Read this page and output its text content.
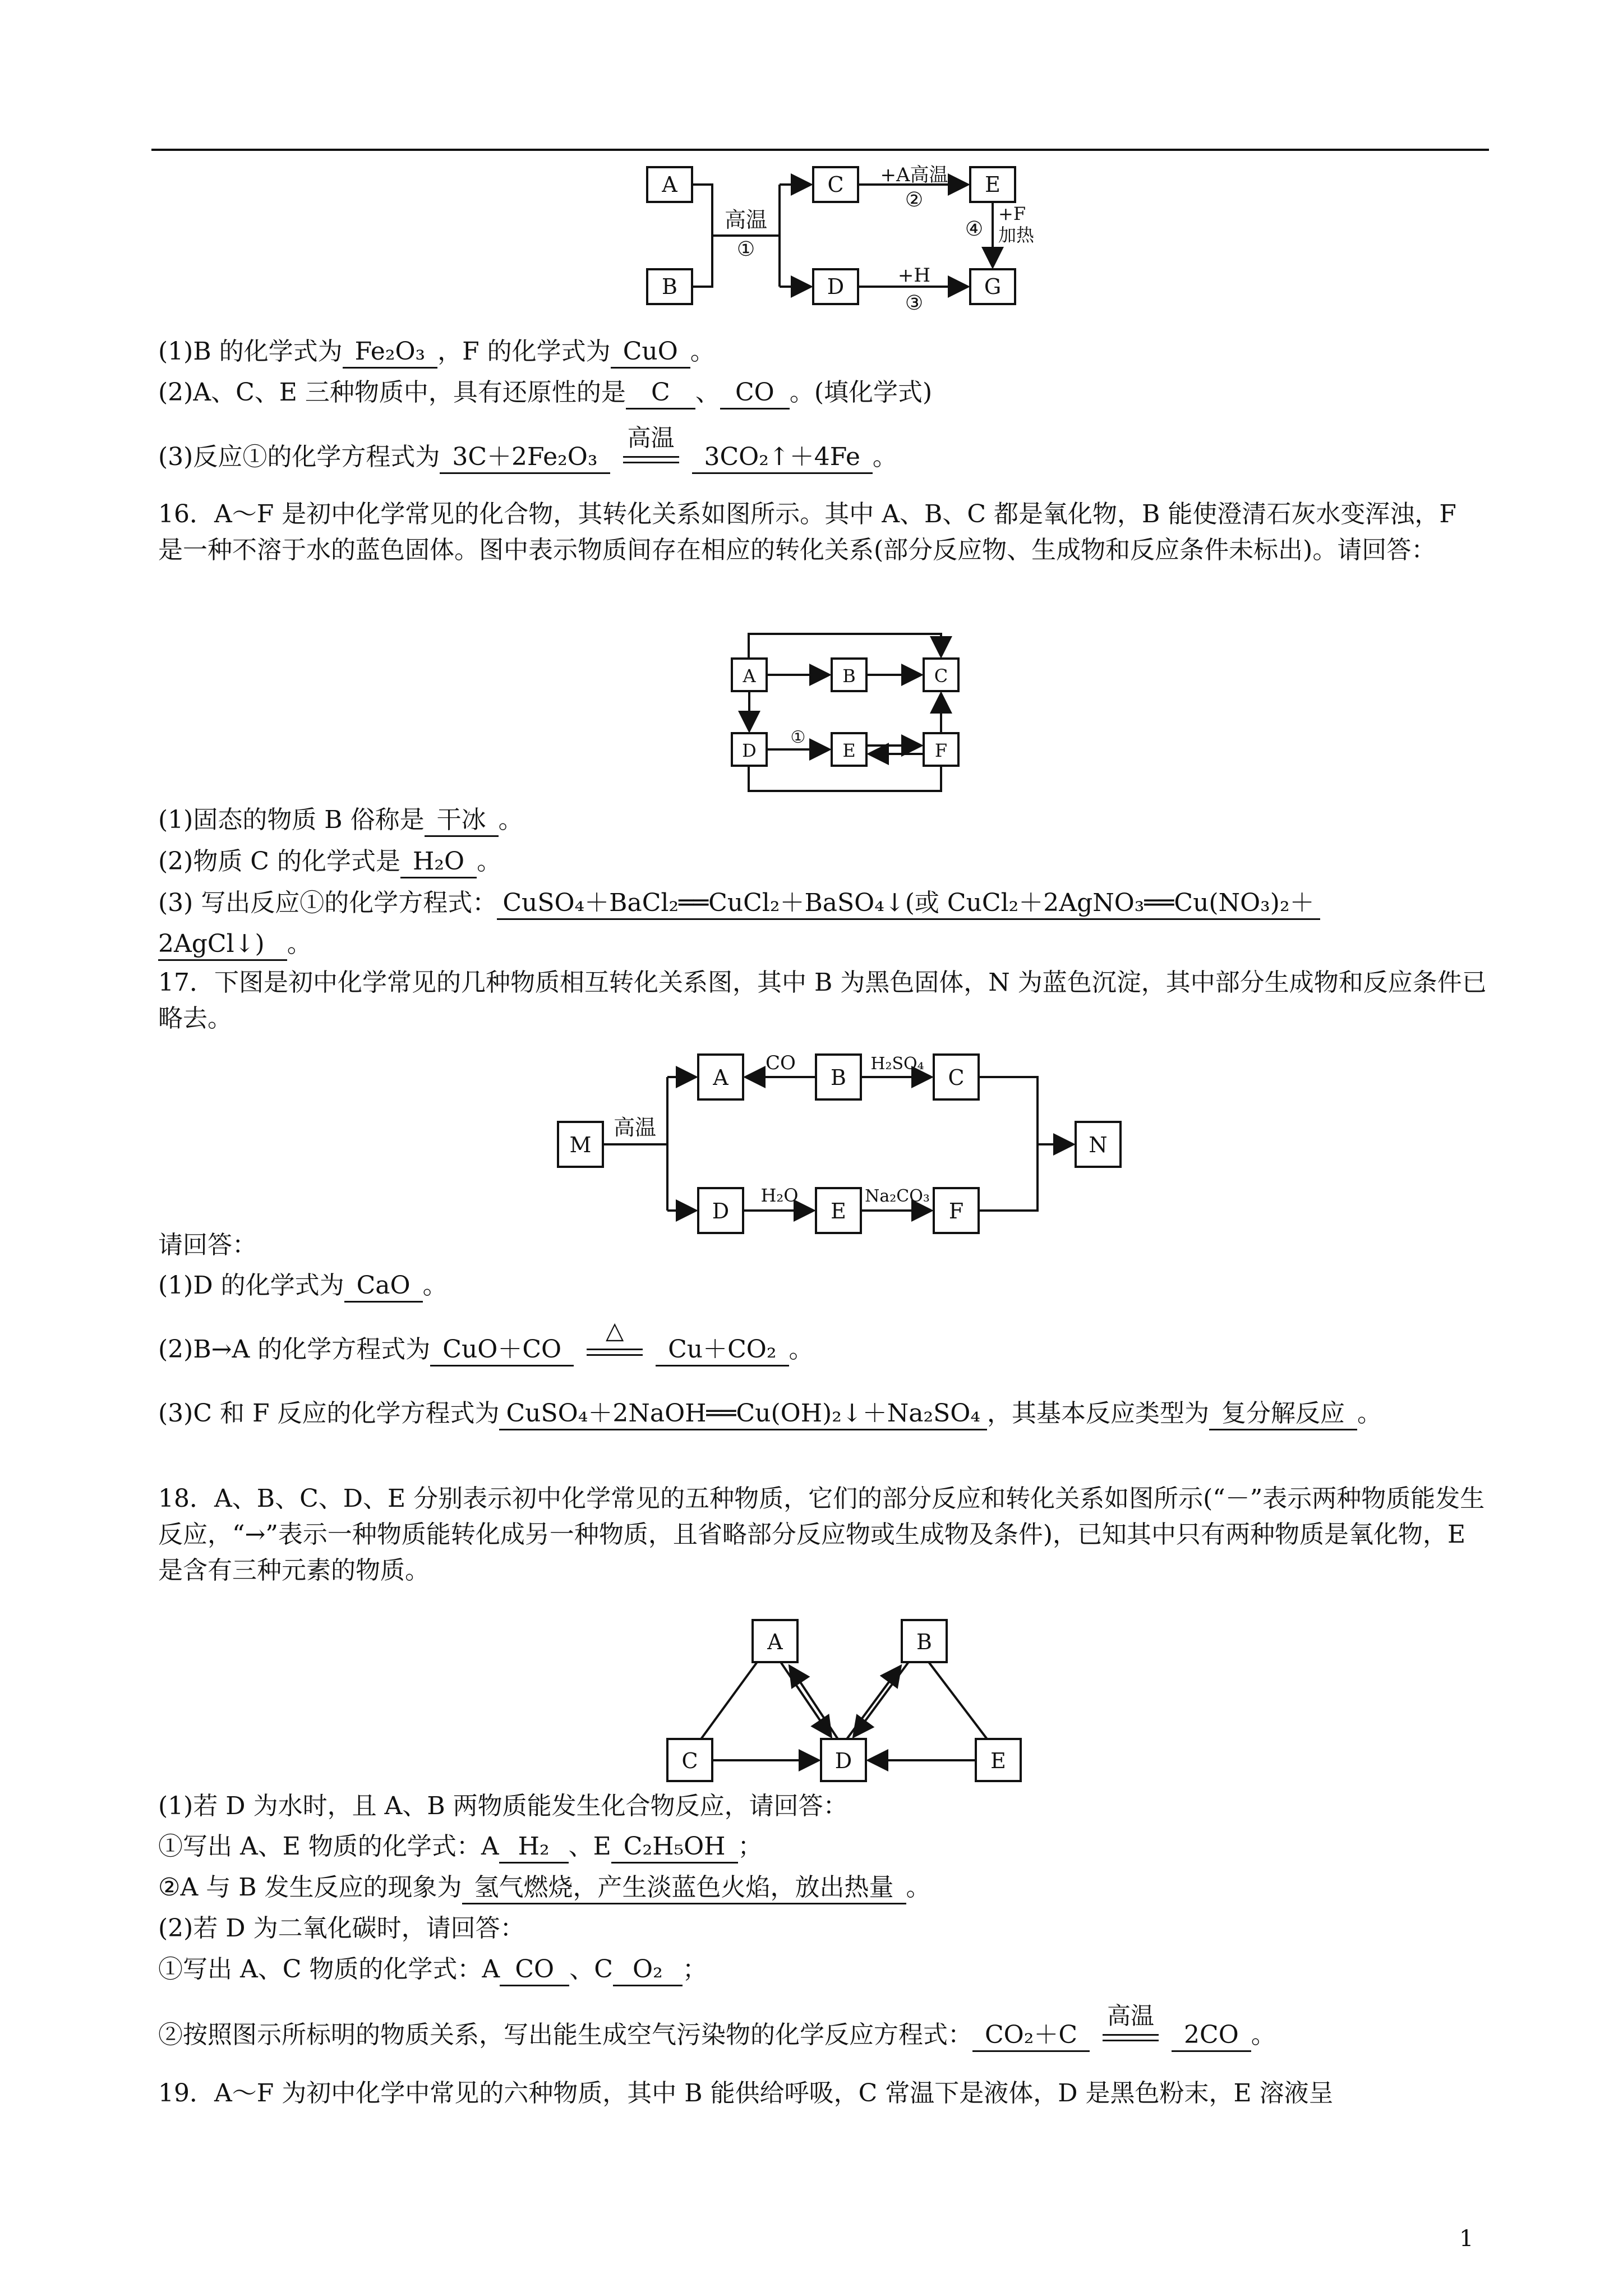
A
B
C
D
E
G
高温
①
+A高温
②
+H
③
④
+F
加热
(1)B 的化学式为 Fe₂O₃ ，F 的化学式为 CuO 。
(2)A、C、E 三种物质中，具有还原性的是 C 、 CO 。(填化学式)
(3)反应①的化学方程式为 3C＋2Fe₂O₃
高温
3CO₂↑＋4Fe 。
16．A～F 是初中化学常见的化合物，其转化关系如图所示。其中 A、B、C 都是氧化物，B 能使澄清石灰水变浑浊，F 是一种不溶于水的蓝色固体。图中表示物质间存在相应的转化关系(部分反应物、生成物和反应条件未标出)。请回答：
A	B	C
D	E	F
①
(1)固态的物质 B 俗称是 干冰 。
(2)物质 C 的化学式是 H₂O 。
(3) 写出反应①的化学方程式： CuSO₄＋BaCl₂══CuCl₂＋BaSO₄↓(或 CuCl₂＋2AgNO₃══Cu(NO₃)₂＋
2AgCl↓) 。
17．下图是初中化学常见的几种物质相互转化关系图，其中 B 为黑色固体，N 为蓝色沉淀，其中部分生成物和反应条件已略去。
M
A	B	C
D	E	F
N
高温
CO	H₂SO₄
H₂O	Na₂CO₃
请回答：
(1)D 的化学式为 CaO 。
(2)B→A 的化学方程式为 CuO＋CO
△
Cu＋CO₂ 。
(3)C 和 F 反应的化学方程式为 CuSO₄＋2NaOH══Cu(OH)₂↓＋Na₂SO₄ ，其基本反应类型为 复分解反应 。
18．A、B、C、D、E 分别表示初中化学常见的五种物质，它们的部分反应和转化关系如图所示(“－”表示两种物质能发生反应，“→”表示一种物质能转化成另一种物质，且省略部分反应物或生成物及条件)，已知其中只有两种物质是氧化物，E 是含有三种元素的物质。
A	B
C	D	E
(1)若 D 为水时，且 A、B 两物质能发生化合物反应，请回答：
①写出 A、E 物质的化学式：A H₂ 、E C₂H₅OH ；
②A 与 B 发生反应的现象为 氢气燃烧，产生淡蓝色火焰，放出热量 。
(2)若 D 为二氧化碳时，请回答：
①写出 A、C 物质的化学式：A CO 、C O₂ ；
②按照图示所标明的物质关系，写出能生成空气污染物的化学反应方程式： CO₂＋C
高温
2CO 。
19．A～F 为初中化学中常见的六种物质，其中 B 能供给呼吸，C 常温下是液体，D 是黑色粉末，E 溶液呈
1
